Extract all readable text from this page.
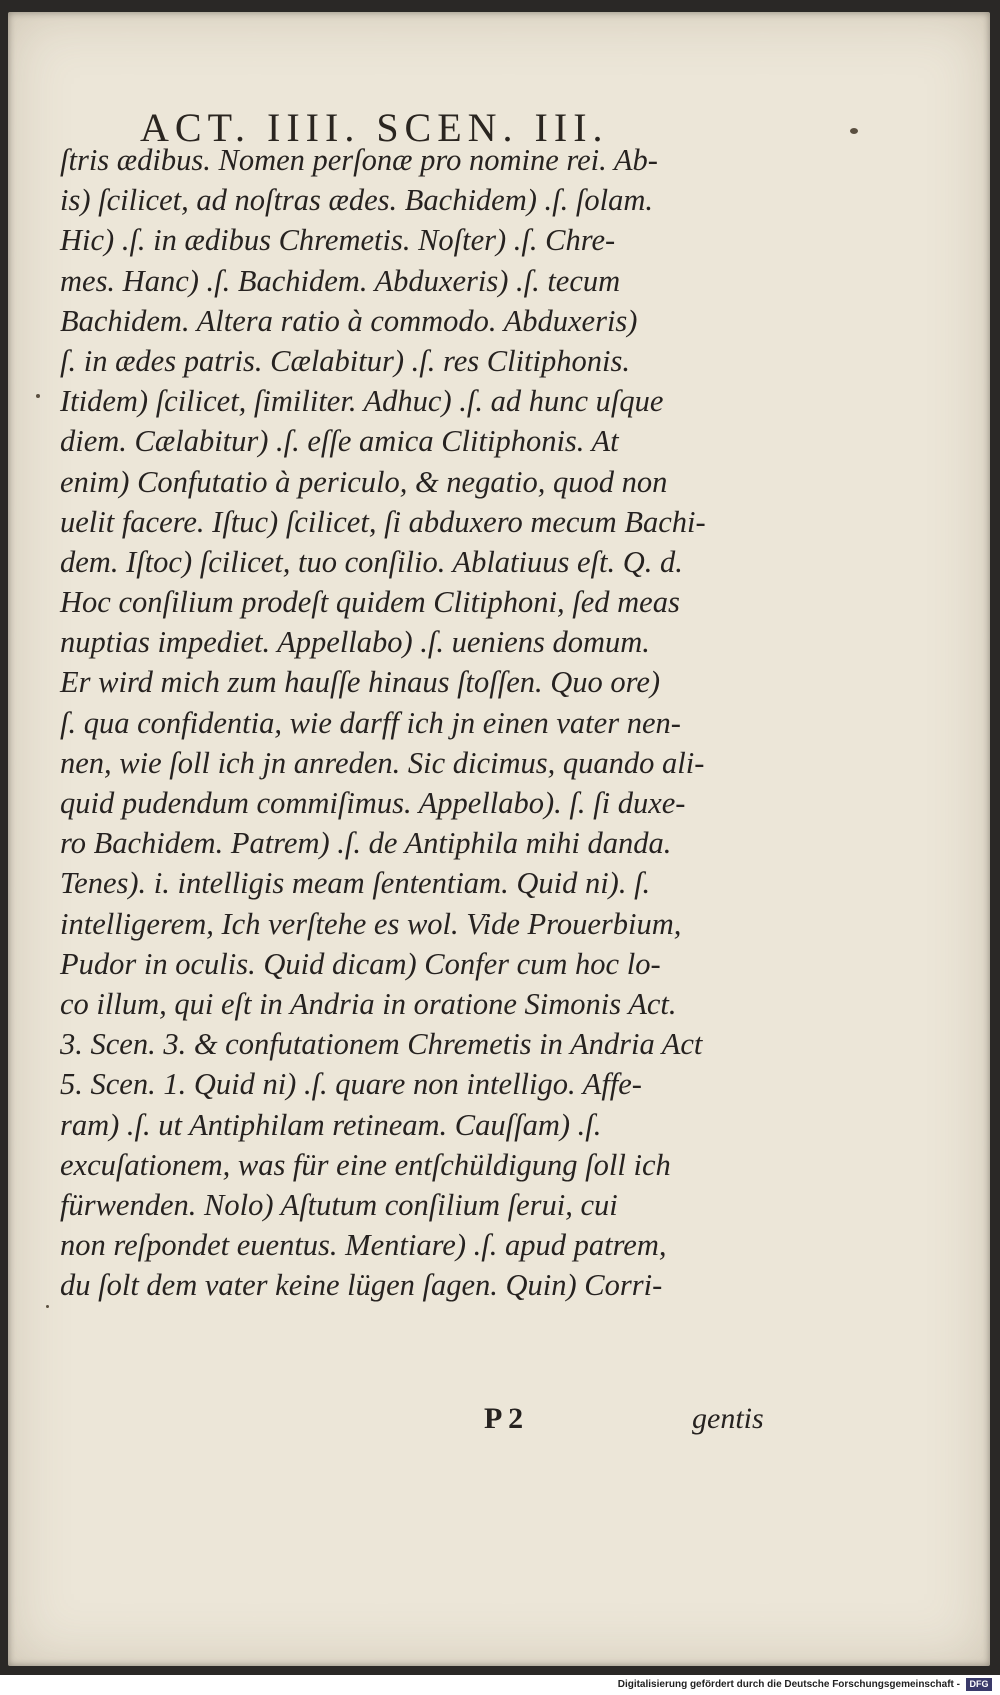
ACT. IIII. SCEN. III.
ſtris ædibus. Nomen perſonæ pro nomine rei. Ab-
is) ſcilicet, ad noſtras ædes. Bachidem) .ſ. ſolam.
Hic) .ſ. in ædibus Chremetis. Noſter) .ſ. Chre-
mes. Hanc) .ſ. Bachidem. Abduxeris) .ſ. tecum
Bachidem. Altera ratio à commodo. Abduxeris)
ſ. in ædes patris. Cælabitur) .ſ. res Clitiphonis.
Itidem) ſcilicet, ſimiliter. Adhuc) .ſ. ad hunc uſque
diem. Cælabitur) .ſ. eſſe amica Clitiphonis. At
enim) Confutatio à periculo, & negatio, quod non
uelit facere. Iſtuc) ſcilicet, ſi abduxero mecum Bachi-
dem. Iſtoc) ſcilicet, tuo conſilio. Ablatiuus eſt. Q. d.
Hoc conſilium prodeſt quidem Clitiphoni, ſed meas
nuptias impediet. Appellabo) .ſ. ueniens domum.
Er wird mich zum hauſſe hinaus ſtoſſen. Quo ore)
ſ. qua confidentia, wie darff ich jn einen vater nen-
nen, wie ſoll ich jn anreden. Sic dicimus, quando ali-
quid pudendum commiſimus. Appellabo). ſ. ſi duxe-
ro Bachidem. Patrem) .ſ. de Antiphila mihi danda.
Tenes). i. intelligis meam ſententiam. Quid ni). ſ.
intelligerem, Ich verſtehe es wol. Vide Prouerbium,
Pudor in oculis. Quid dicam) Confer cum hoc lo-
co illum, qui eſt in Andria in oratione Simonis Act.
3. Scen. 3. & confutationem Chremetis in Andria Act
5. Scen. 1. Quid ni) .ſ. quare non intelligo. Affe-
ram) .ſ. ut Antiphilam retineam. Cauſſam) .ſ.
excuſationem, was für eine entſchüldigung ſoll ich
fürwenden. Nolo) Aſtutum conſilium ſerui, cui
non reſpondet euentus. Mentiare) .ſ. apud patrem,
du ſolt dem vater keine lügen ſagen. Quin) Corri-
P 2	gentis
Digitalisierung gefördert durch die Deutsche Forschungsgemeinschaft -	DFG
